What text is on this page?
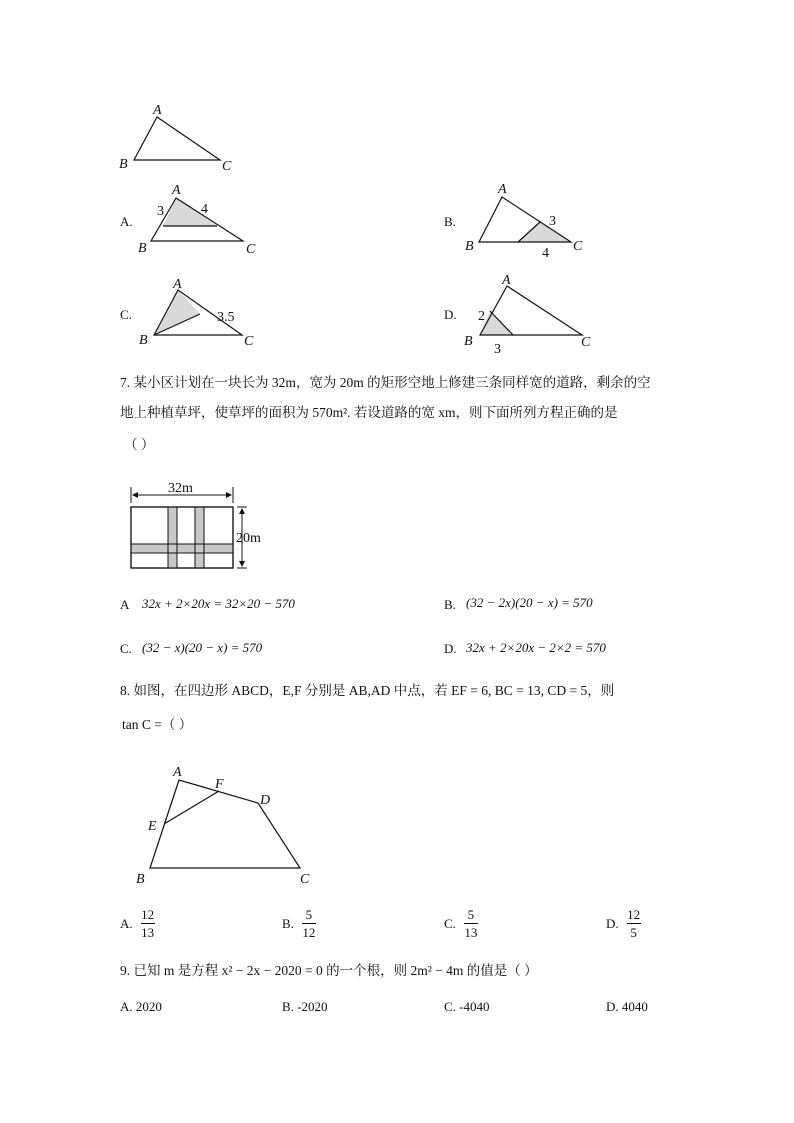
A
B	C
A.
A
B	C
3	4
B.
A
B	C
3
4
C.
A
B	C
3.5	D.
A
B	C
2
3
7. 某小区计划在一块长为 32m，宽为 20m 的矩形空地上修建三条同样宽的道路，剩余的空
地上种植草坪，使草坪的面积为 570m². 若设道路的宽 xm，则下面所列方程正确的是
（ ）
32m
20m
A 32x + 2×20x = 32×20 − 570	B. (32 − 2x)(20 − x) = 570
C. (32 − x)(20 − x) = 570	D. 32x + 2×20x − 2×2 = 570
8. 如图，在四边形 ABCD，E,F 分别是 AB,AD 中点，若 EF = 6, BC = 13, CD = 5，则
tan C =（ ）
A
F
D
E
B	C
A. $\frac{12}{13}$	B. $\frac{5}{12}$	C. $\frac{5}{13}$	D. $\frac{12}{5}$
9. 已知 m 是方程 x² − 2x − 2020 = 0 的一个根，则 2m² − 4m 的值是（ ）
A. 2020	B. -2020	C. -4040	D. 4040
